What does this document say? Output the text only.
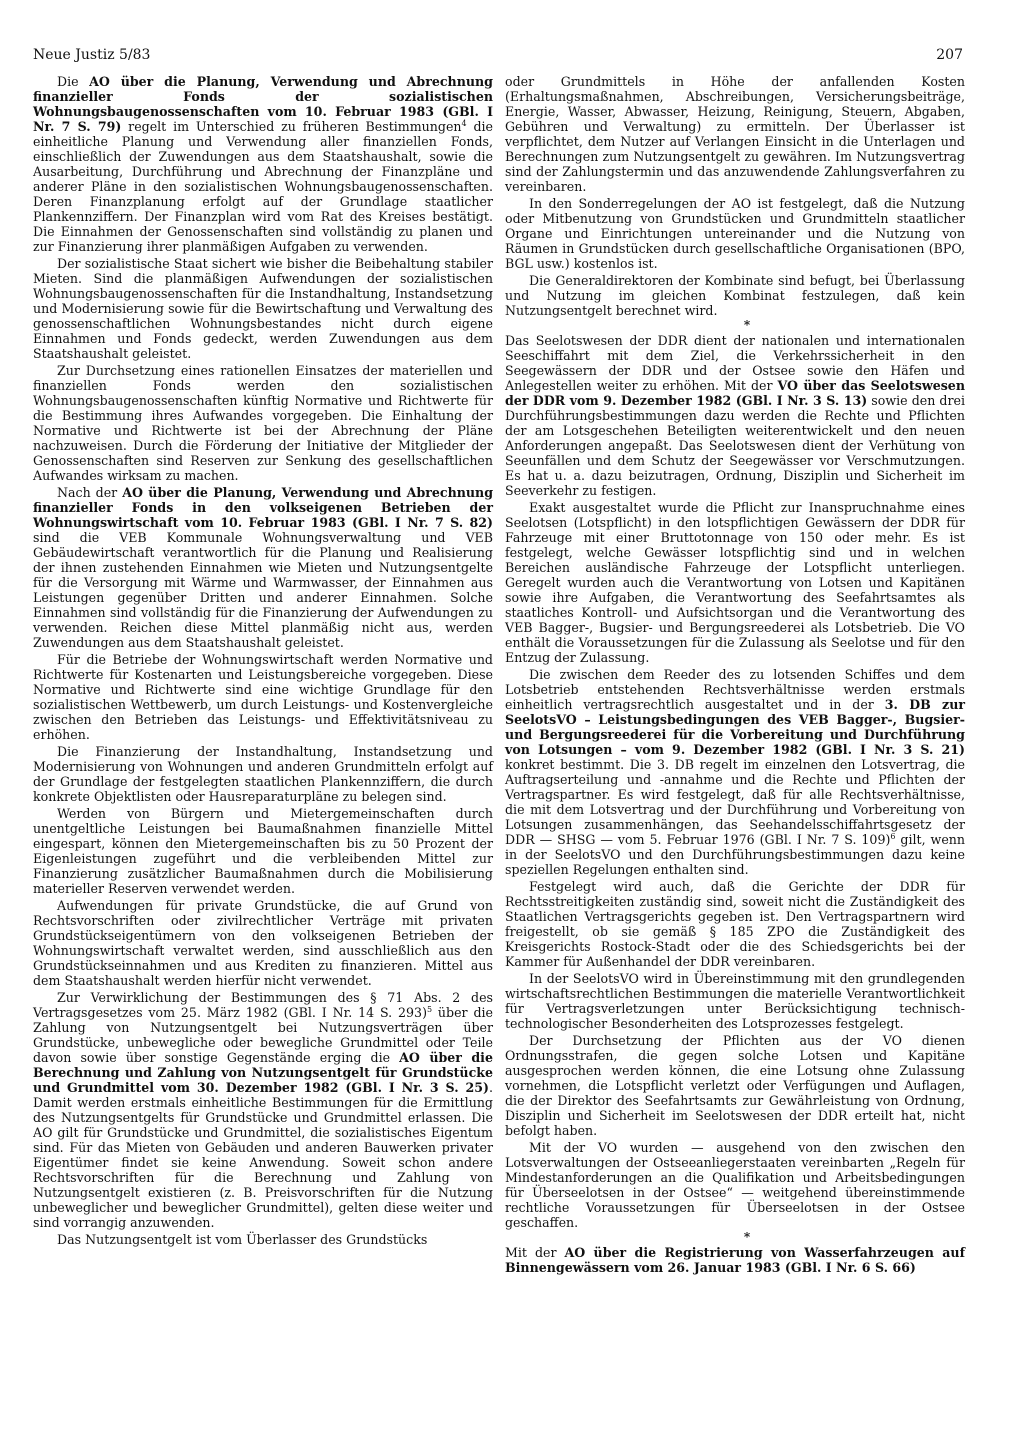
Neue Justiz 5/83	207

Die AO über die Planung, Verwendung und Abrechnung finanzieller Fonds der sozialistischen Wohnungsbaugenossenschaften vom 10. Februar 1983 (GBl. I Nr. 7 S. 79) regelt im Unterschied zu früheren Bestimmungen$^4$ die einheitliche Planung und Verwendung aller finanziellen Fonds, einschließlich der Zuwendungen aus dem Staatshaushalt, sowie die Ausarbeitung, Durchführung und Abrechnung der Finanzpläne und anderer Pläne in den sozialistischen Wohnungsbaugenossenschaften. Deren Finanzplanung erfolgt auf der Grundlage staatlicher Plankennziffern. Der Finanzplan wird vom Rat des Kreises bestätigt. Die Einnahmen der Genossenschaften sind vollständig zu planen und zur Finanzierung ihrer planmäßigen Aufgaben zu verwenden.

Der sozialistische Staat sichert wie bisher die Beibehaltung stabiler Mieten. Sind die planmäßigen Aufwendungen der sozialistischen Wohnungsbaugenossenschaften für die Instandhaltung, Instandsetzung und Modernisierung sowie für die Bewirtschaftung und Verwaltung des genossenschaftlichen Wohnungsbestandes nicht durch eigene Einnahmen und Fonds gedeckt, werden Zuwendungen aus dem Staatshaushalt geleistet.

Zur Durchsetzung eines rationellen Einsatzes der materiellen und finanziellen Fonds werden den sozialistischen Wohnungsbaugenossenschaften künftig Normative und Richtwerte für die Bestimmung ihres Aufwandes vorgegeben. Die Einhaltung der Normative und Richtwerte ist bei der Abrechnung der Pläne nachzuweisen. Durch die Förderung der Initiative der Mitglieder der Genossenschaften sind Reserven zur Senkung des gesellschaftlichen Aufwandes wirksam zu machen.

Nach der AO über die Planung, Verwendung und Abrechnung finanzieller Fonds in den volkseigenen Betrieben der Wohnungswirtschaft vom 10. Februar 1983 (GBl. I Nr. 7 S. 82) sind die VEB Kommunale Wohnungsverwaltung und VEB Gebäudewirtschaft verantwortlich für die Planung und Realisierung der ihnen zustehenden Einnahmen wie Mieten und Nutzungsentgelte für die Versorgung mit Wärme und Warmwasser, der Einnahmen aus Leistungen gegenüber Dritten und anderer Einnahmen. Solche Einnahmen sind vollständig für die Finanzierung der Aufwendungen zu verwenden. Reichen diese Mittel planmäßig nicht aus, werden Zuwendungen aus dem Staatshaushalt geleistet.

Für die Betriebe der Wohnungswirtschaft werden Normative und Richtwerte für Kostenarten und Leistungsbereiche vorgegeben. Diese Normative und Richtwerte sind eine wichtige Grundlage für den sozialistischen Wettbewerb, um durch Leistungs- und Kostenvergleiche zwischen den Betrieben das Leistungs- und Effektivitätsniveau zu erhöhen.

Die Finanzierung der Instandhaltung, Instandsetzung und Modernisierung von Wohnungen und anderen Grundmitteln erfolgt auf der Grundlage der festgelegten staatlichen Plankennziffern, die durch konkrete Objektlisten oder Hausreparaturpläne zu belegen sind.

Werden von Bürgern und Mietergemeinschaften durch unentgeltliche Leistungen bei Baumaßnahmen finanzielle Mittel eingespart, können den Mietergemeinschaften bis zu 50 Prozent der Eigenleistungen zugeführt und die verbleibenden Mittel zur Finanzierung zusätzlicher Baumaßnahmen durch die Mobilisierung materieller Reserven verwendet werden.

Aufwendungen für private Grundstücke, die auf Grund von Rechtsvorschriften oder zivilrechtlicher Verträge mit privaten Grundstückseigentümern von den volkseigenen Betrieben der Wohnungswirtschaft verwaltet werden, sind ausschließlich aus den Grundstückseinnahmen und aus Krediten zu finanzieren. Mittel aus dem Staatshaushalt werden hierfür nicht verwendet.

Zur Verwirklichung der Bestimmungen des § 71 Abs. 2 des Vertragsgesetzes vom 25. März 1982 (GBl. I Nr. 14 S. 293)$^5$ über die Zahlung von Nutzungsentgelt bei Nutzungsverträgen über Grundstücke, unbewegliche oder bewegliche Grundmittel oder Teile davon sowie über sonstige Gegenstände erging die AO über die Berechnung und Zahlung von Nutzungsentgelt für Grundstücke und Grundmittel vom 30. Dezember 1982 (GBl. I Nr. 3 S. 25). Damit werden erstmals einheitliche Bestimmungen für die Ermittlung des Nutzungsentgelts für Grundstücke und Grundmittel erlassen. Die AO gilt für Grundstücke und Grundmittel, die sozialistisches Eigentum sind. Für das Mieten von Gebäuden und anderen Bauwerken privater Eigentümer findet sie keine Anwendung. Soweit schon andere Rechtsvorschriften für die Berechnung und Zahlung von Nutzungsentgelt existieren (z. B. Preisvorschriften für die Nutzung unbeweglicher und beweglicher Grundmittel), gelten diese weiter und sind vorrangig anzuwenden.

Das Nutzungsentgelt ist vom Überlasser des Grundstücks

oder Grundmittels in Höhe der anfallenden Kosten (Erhaltungsmaßnahmen, Abschreibungen, Versicherungsbeiträge, Energie, Wasser, Abwasser, Heizung, Reinigung, Steuern, Abgaben, Gebühren und Verwaltung) zu ermitteln. Der Überlasser ist verpflichtet, dem Nutzer auf Verlangen Einsicht in die Unterlagen und Berechnungen zum Nutzungsentgelt zu gewähren. Im Nutzungsvertrag sind der Zahlungstermin und das anzuwendende Zahlungsverfahren zu vereinbaren.

In den Sonderregelungen der AO ist festgelegt, daß die Nutzung oder Mitbenutzung von Grundstücken und Grundmitteln staatlicher Organe und Einrichtungen untereinander und die Nutzung von Räumen in Grundstücken durch gesellschaftliche Organisationen (BPO, BGL usw.) kostenlos ist.

Die Generaldirektoren der Kombinate sind befugt, bei Überlassung und Nutzung im gleichen Kombinat festzulegen, daß kein Nutzungsentgelt berechnet wird.

*

Das Seelotswesen der DDR dient der nationalen und internationalen Seeschiffahrt mit dem Ziel, die Verkehrssicherheit in den Seegewässern der DDR und der Ostsee sowie den Häfen und Anlegestellen weiter zu erhöhen. Mit der VO über das Seelotswesen der DDR vom 9. Dezember 1982 (GBl. I Nr. 3 S. 13) sowie den drei Durchführungsbestimmungen dazu werden die Rechte und Pflichten der am Lotsgeschehen Beteiligten weiterentwickelt und den neuen Anforderungen angepaßt. Das Seelotswesen dient der Verhütung von Seeunfällen und dem Schutz der Seegewässer vor Verschmutzungen. Es hat u. a. dazu beizutragen, Ordnung, Disziplin und Sicherheit im Seeverkehr zu festigen.

Exakt ausgestaltet wurde die Pflicht zur Inanspruchnahme eines Seelotsen (Lotspflicht) in den lotspflichtigen Gewässern der DDR für Fahrzeuge mit einer Bruttotonnage von 150 oder mehr. Es ist festgelegt, welche Gewässer lotspflichtig sind und in welchen Bereichen ausländische Fahrzeuge der Lotspflicht unterliegen. Geregelt wurden auch die Verantwortung von Lotsen und Kapitänen sowie ihre Aufgaben, die Verantwortung des Seefahrtsamtes als staatliches Kontroll- und Aufsichtsorgan und die Verantwortung des VEB Bagger-, Bugsier- und Bergungsreederei als Lotsbetrieb. Die VO enthält die Voraussetzungen für die Zulassung als Seelotse und für den Entzug der Zulassung.

Die zwischen dem Reeder des zu lotsenden Schiffes und dem Lotsbetrieb entstehenden Rechtsverhältnisse werden erstmals einheitlich vertragsrechtlich ausgestaltet und in der 3. DB zur SeelotsVO – Leistungsbedingungen des VEB Bagger-, Bugsier- und Bergungsreederei für die Vorbereitung und Durchführung von Lotsungen – vom 9. Dezember 1982 (GBl. I Nr. 3 S. 21) konkret bestimmt. Die 3. DB regelt im einzelnen den Lotsvertrag, die Auftragserteilung und -annahme und die Rechte und Pflichten der Vertragspartner. Es wird festgelegt, daß für alle Rechtsverhältnisse, die mit dem Lotsvertrag und der Durchführung und Vorbereitung von Lotsungen zusammenhängen, das Seehandelsschiffahrtsgesetz der DDR — SHSG — vom 5. Februar 1976 (GBl. I Nr. 7 S. 109)$^6$ gilt, wenn in der SeelotsVO und den Durchführungsbestimmungen dazu keine speziellen Regelungen enthalten sind.

Festgelegt wird auch, daß die Gerichte der DDR für Rechtsstreitigkeiten zuständig sind, soweit nicht die Zuständigkeit des Staatlichen Vertragsgerichts gegeben ist. Den Vertragspartnern wird freigestellt, ob sie gemäß § 185 ZPO die Zuständigkeit des Kreisgerichts Rostock-Stadt oder die des Schiedsgerichts bei der Kammer für Außenhandel der DDR vereinbaren.

In der SeelotsVO wird in Übereinstimmung mit den grundlegenden wirtschaftsrechtlichen Bestimmungen die materielle Verantwortlichkeit für Vertragsverletzungen unter Berücksichtigung technisch-technologischer Besonderheiten des Lotsprozesses festgelegt.

Der Durchsetzung der Pflichten aus der VO dienen Ordnungsstrafen, die gegen solche Lotsen und Kapitäne ausgesprochen werden können, die eine Lotsung ohne Zulassung vornehmen, die Lotspflicht verletzt oder Verfügungen und Auflagen, die der Direktor des Seefahrtsamts zur Gewährleistung von Ordnung, Disziplin und Sicherheit im Seelotswesen der DDR erteilt hat, nicht befolgt haben.

Mit der VO wurden — ausgehend von den zwischen den Lotsverwaltungen der Ostseeanliegerstaaten vereinbarten „Regeln für Mindestanforderungen an die Qualifikation und Arbeitsbedingungen für Überseelotsen in der Ostsee“ — weitgehend übereinstimmende rechtliche Voraussetzungen für Überseelotsen in der Ostsee geschaffen.

*

Mit der AO über die Registrierung von Wasserfahrzeugen auf Binnengewässern vom 26. Januar 1983 (GBl. I Nr. 6 S. 66)
